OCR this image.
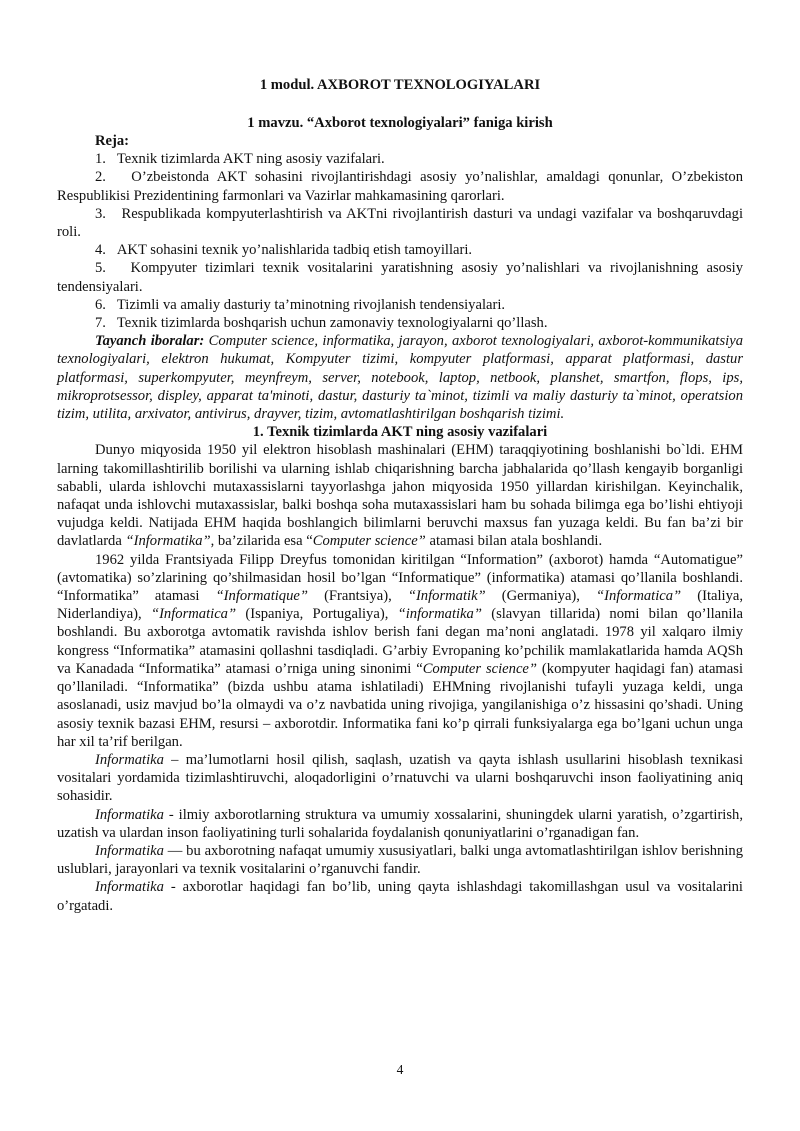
1 modul. AXBOROT TEXNOLOGIYALARI
1 mavzu. “Axborot texnologiyalari” faniga kirish

Reja:

1.   Texnik tizimlarda AKT ning asosiy vazifalari.

2.   O’zbeistonda AKT sohasini rivojlantirishdagi asosiy yo’nalishlar, amaldagi qonunlar, O’zbekiston Respublikisi Prezidentining farmonlari va Vazirlar mahkamasining qarorlari.

3.   Respublikada kompyuterlashtirish va AKTni rivojlantirish dasturi va undagi vazifalar va boshqaruvdagi roli.

4.   AKT sohasini texnik yo’nalishlarida tadbiq etish tamoyillari.

5.   Kompyuter tizimlari texnik vositalarini yaratishning asosiy yo’nalishlari va rivojlanishning asosiy tendensiyalari.

6.   Tizimli va amaliy dasturiy ta’minotning rivojlanish tendensiyalari.

7.   Texnik tizimlarda boshqarish uchun zamonaviy texnologiyalarni qo’llash.

Tayanch iboralar: Computer science, informatika, jarayon, axborot texnologiyalari, axborot-kommunikatsiya texnologiyalari, elektron hukumat, Kompyuter tizimi, kompyuter platformasi, apparat platformasi, dastur platformasi, superkompyuter, meynfreym, server, notebook, laptop, netbook, planshet, smartfon, flops, ips, mikroprotsessor, displey, apparat ta'minoti, dastur, dasturiy ta`minot, tizimli va maliy dasturiy ta`minot, operatsion tizim, utilita, arxivator, antivirus, drayver, tizim, avtomatlashtirilgan boshqarish tizimi.

1. Texnik tizimlarda AKT ning asosiy vazifalari

Dunyo miqyosida 1950 yil elektron hisoblash mashinalari (EHM) taraqqiyotining boshlanishi bo`ldi. EHM larning takomillashtirilib borilishi va ularning ishlab chiqarishning barcha jabhalarida qo’llash kengayib borganligi sababli, ularda ishlovchi mutaxassislarni tayyorlashga jahon miqyosida 1950 yillardan kirishilgan. Keyinchalik, nafaqat unda ishlovchi mutaxassislar, balki boshqa soha mutaxassislari ham bu sohada bilimga ega bo’lishi ehtiyoji vujudga keldi. Natijada EHM haqida boshlangich bilimlarni beruvchi maxsus fan yuzaga keldi. Bu fan ba’zi bir davlatlarda “Informatika”, ba’zilarida esa “Computer science” atamasi bilan atala boshlandi.

1962 yilda Frantsiyada Filipp Dreyfus tomonidan kiritilgan “Information” (axborot) hamda “Automatigue” (avtomatika) so’zlarining qo’shilmasidan hosil bo’lgan “Informatique” (informatika) atamasi qo’llanila boshlandi. “Informatika” atamasi “Informatique” (Frantsiya), “Informatik” (Germaniya), “Informatica” (Italiya, Niderlandiya), “Informatica” (Ispaniya, Portugaliya), “informatika” (slavyan tillarida) nomi bilan qo’llanila boshlandi. Bu axborotga avtomatik ravishda ishlov berish fani degan ma’noni anglatadi. 1978 yil xalqaro ilmiy kongress “Informatika” atamasini qollashni tasdiqladi. G’arbiy Evropaning ko’pchilik mamlakatlarida hamda AQSh va Kanadada “Informatika” atamasi o’rniga uning sinonimi “Computer science” (kompyuter haqidagi fan) atamasi qo’llaniladi. “Informatika” (bizda ushbu atama ishlatiladi) EHMning rivojlanishi tufayli yuzaga keldi, unga asoslanadi, usiz mavjud bo’la olmaydi va o’z navbatida uning rivojiga, yangilanishiga o’z hissasini qo’shadi. Uning asosiy texnik bazasi EHM, resursi – axborotdir. Informatika fani ko’p qirrali funksiyalarga ega bo’lgani uchun unga har xil ta’rif berilgan.

Informatika – ma’lumotlarni hosil qilish, saqlash, uzatish va qayta ishlash usullarini hisoblash texnikasi vositalari yordamida tizimlashtiruvchi, aloqadorligini o’rnatuvchi va ularni boshqaruvchi inson faoliyatining aniq sohasidir.

Informatika - ilmiy axborotlarning struktura va umumiy xossalarini, shuningdek ularni yaratish, o’zgartirish, uzatish va ulardan inson faoliyatining turli sohalarida foydalanish qonuniyatlarini o’rganadigan fan.

Informatika — bu axborotning nafaqat umumiy xususiyatlari, balki unga avtomatlashtirilgan ishlov berishning uslublari, jarayonlari va texnik vositalarini o’rganuvchi fandir.

Informatika - axborotlar haqidagi fan bo’lib, uning qayta ishlashdagi takomillashgan usul va vositalarini o’rgatadi.

4
